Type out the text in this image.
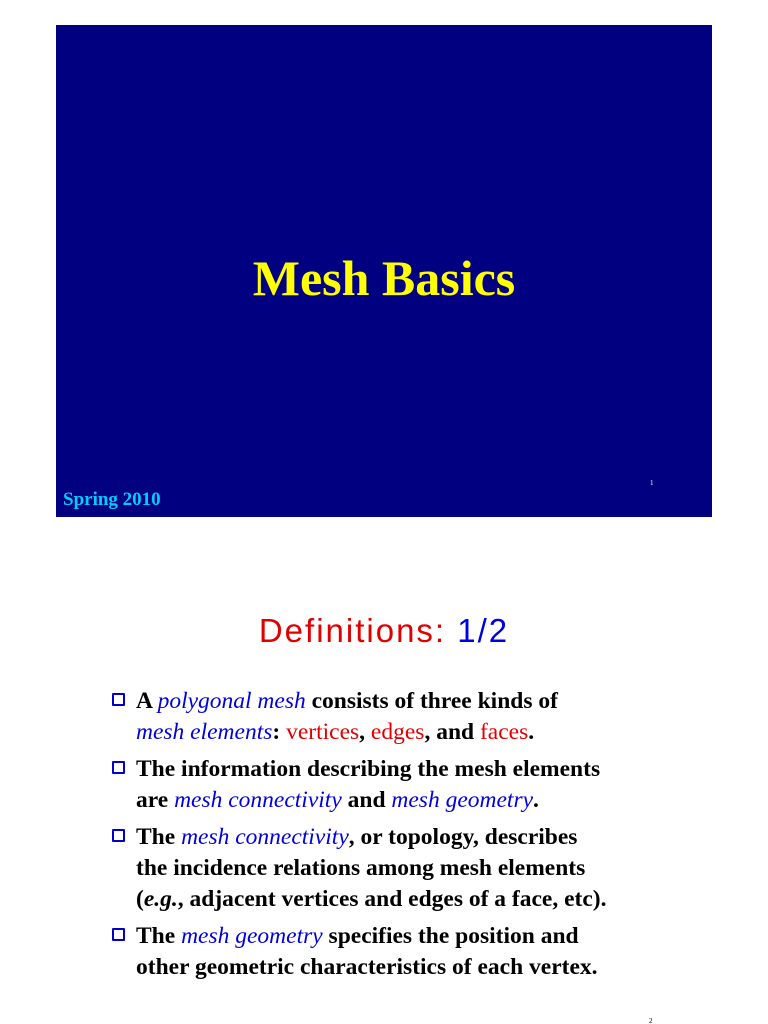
Mesh Basics
Spring 2010
1
Definitions: 1/2
A polygonal mesh consists of three kinds of
mesh elements: vertices, edges, and faces.
The information describing the mesh elements
are mesh connectivity and mesh geometry.
The mesh connectivity, or topology, describes
the incidence relations among mesh elements
(e.g., adjacent vertices and edges of a face, etc).
The mesh geometry specifies the position and
other geometric characteristics of each vertex.
2
